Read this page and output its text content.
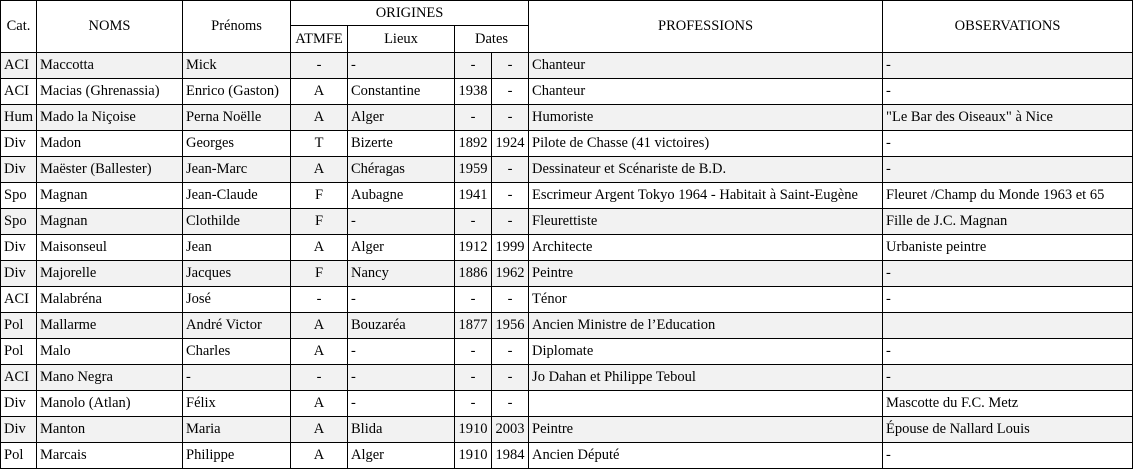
Cat.	NOMS	Prénoms	ORIGINES				PROFESSIONS	OBSERVATIONS
			ATMFE	Lieux	Dates			
ACI	Maccotta	Mick	-	-	-	-	Chanteur	-
ACI	Macias (Ghrenassia)	Enrico (Gaston)	A	Constantine	1938	-	Chanteur	-
Hum	Mado la Niçoise	Perna Noëlle	A	Alger	-	-	Humoriste	"Le Bar des Oiseaux" à Nice
Div	Madon	Georges	T	Bizerte	1892	1924	Pilote de Chasse (41 victoires)	-
Div	Maëster (Ballester)	Jean-Marc	A	Chéragas	1959	-	Dessinateur et Scénariste de B.D.	-
Spo	Magnan	Jean-Claude	F	Aubagne	1941	-	Escrimeur Argent Tokyo 1964 - Habitait à Saint-Eugène	Fleuret /Champ du Monde 1963 et 65
Spo	Magnan	Clothilde	F	-	-	-	Fleurettiste	Fille de J.C. Magnan
Div	Maisonseul	Jean	A	Alger	1912	1999	Architecte	Urbaniste peintre
Div	Majorelle	Jacques	F	Nancy	1886	1962	Peintre	-
ACI	Malabréna	José	-	-	-	-	Ténor	-
Pol	Mallarme	André Victor	A	Bouzaréa	1877	1956	Ancien Ministre de l’Education	
Pol	Malo	Charles	A	-	-	-	Diplomate	-
ACI	Mano Negra	-	-	-	-	-	Jo Dahan et Philippe Teboul	-
Div	Manolo (Atlan)	Félix	A	-	-	-		Mascotte du F.C. Metz
Div	Manton	Maria	A	Blida	1910	2003	Peintre	Épouse de Nallard Louis
Pol	Marcais	Philippe	A	Alger	1910	1984	Ancien Député	-
